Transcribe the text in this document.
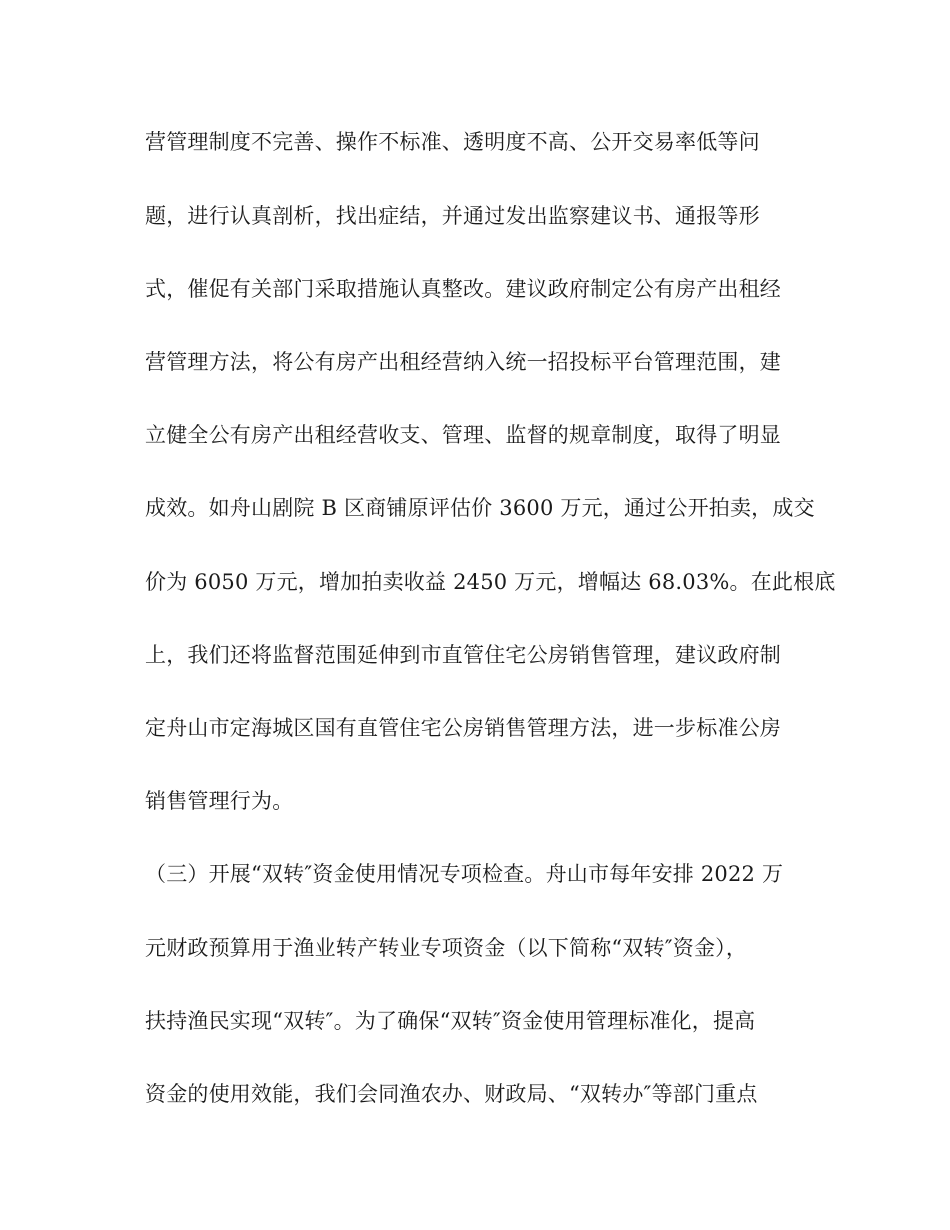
营管理制度不完善、操作不标准、透明度不高、公开交易率低等问

题，进行认真剖析，找出症结，并通过发出监察建议书、通报等形

式，催促有关部门采取措施认真整改。建议政府制定公有房产出租经

营管理方法，将公有房产出租经营纳入统一招投标平台管理范围，建

立健全公有房产出租经营收支、管理、监督的规章制度，取得了明显

成效。如舟山剧院 B 区商铺原评估价 3600 万元，通过公开拍卖，成交

价为 6050 万元，增加拍卖收益 2450 万元，增幅达 68.03%。在此根底

上，我们还将监督范围延伸到市直管住宅公房销售管理，建议政府制

定舟山市定海城区国有直管住宅公房销售管理方法，进一步标准公房

销售管理行为。

（三）开展“双转″资金使用情况专项检查。舟山市每年安排 2022 万

元财政预算用于渔业转产转业专项资金（以下简称“双转″资金），

扶持渔民实现“双转″。为了确保“双转″资金使用管理标准化，提高

资金的使用效能，我们会同渔农办、财政局、“双转办″等部门重点
